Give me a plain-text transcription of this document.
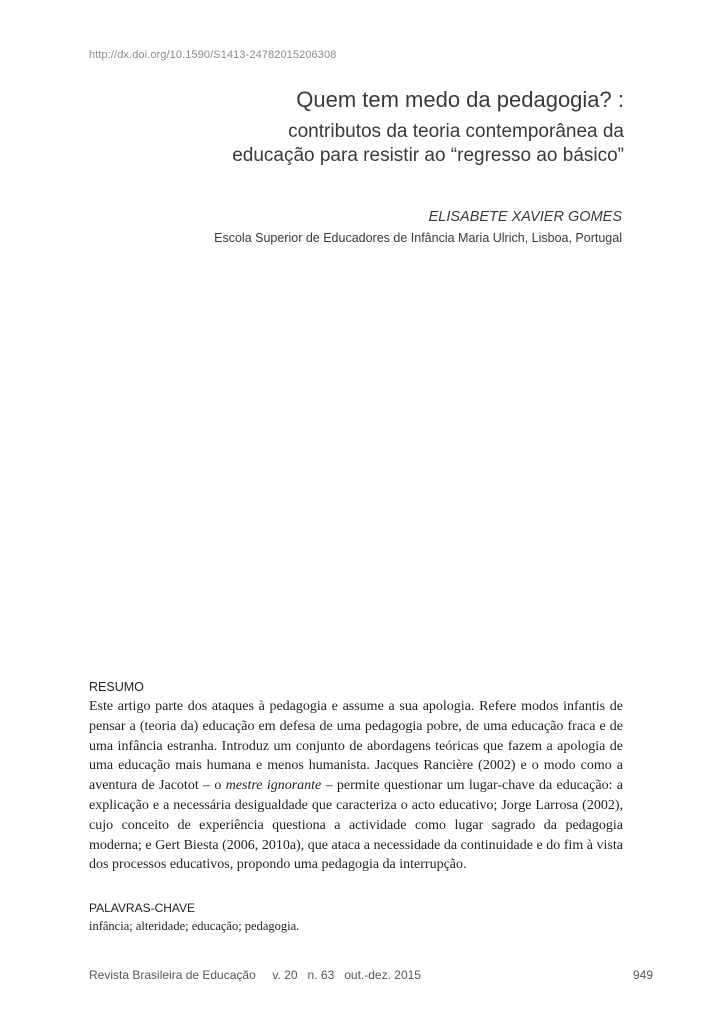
http://dx.doi.org/10.1590/S1413-24782015206308
Quem tem medo da pedagogia? :
contributos da teoria contemporânea da
educação para resistir ao “regresso ao básico”
ELISABETE XAVIER GOMES
Escola Superior de Educadores de Infância Maria Ulrich, Lisboa, Portugal
RESUMO

Este artigo parte dos ataques à pedagogia e assume a sua apologia. Refere modos infantis de pensar a (teoria da) educação em defesa de uma pedagogia pobre, de uma educação fraca e de uma infância estranha. Introduz um conjunto de abordagens teóricas que fazem a apologia de uma educação mais humana e menos humanista. Jacques Rancière (2002) e o modo como a aventura de Jacotot – o mestre ignorante – permite questionar um lugar-chave da educação: a explicação e a necessária desigualdade que caracteriza o acto educativo; Jorge Larrosa (2002), cujo conceito de experiência questiona a actividade como lugar sagrado da pedagogia moderna; e Gert Biesta (2006, 2010a), que ataca a necessidade da continuidade e do fim à vista dos processos educativos, propondo uma pedagogia da interrupção.

PALAVRAS-CHAVE
infância; alteridade; educação; pedagogia.
Revista Brasileira de Educação     v. 20   n. 63   out.-dez. 2015	949
